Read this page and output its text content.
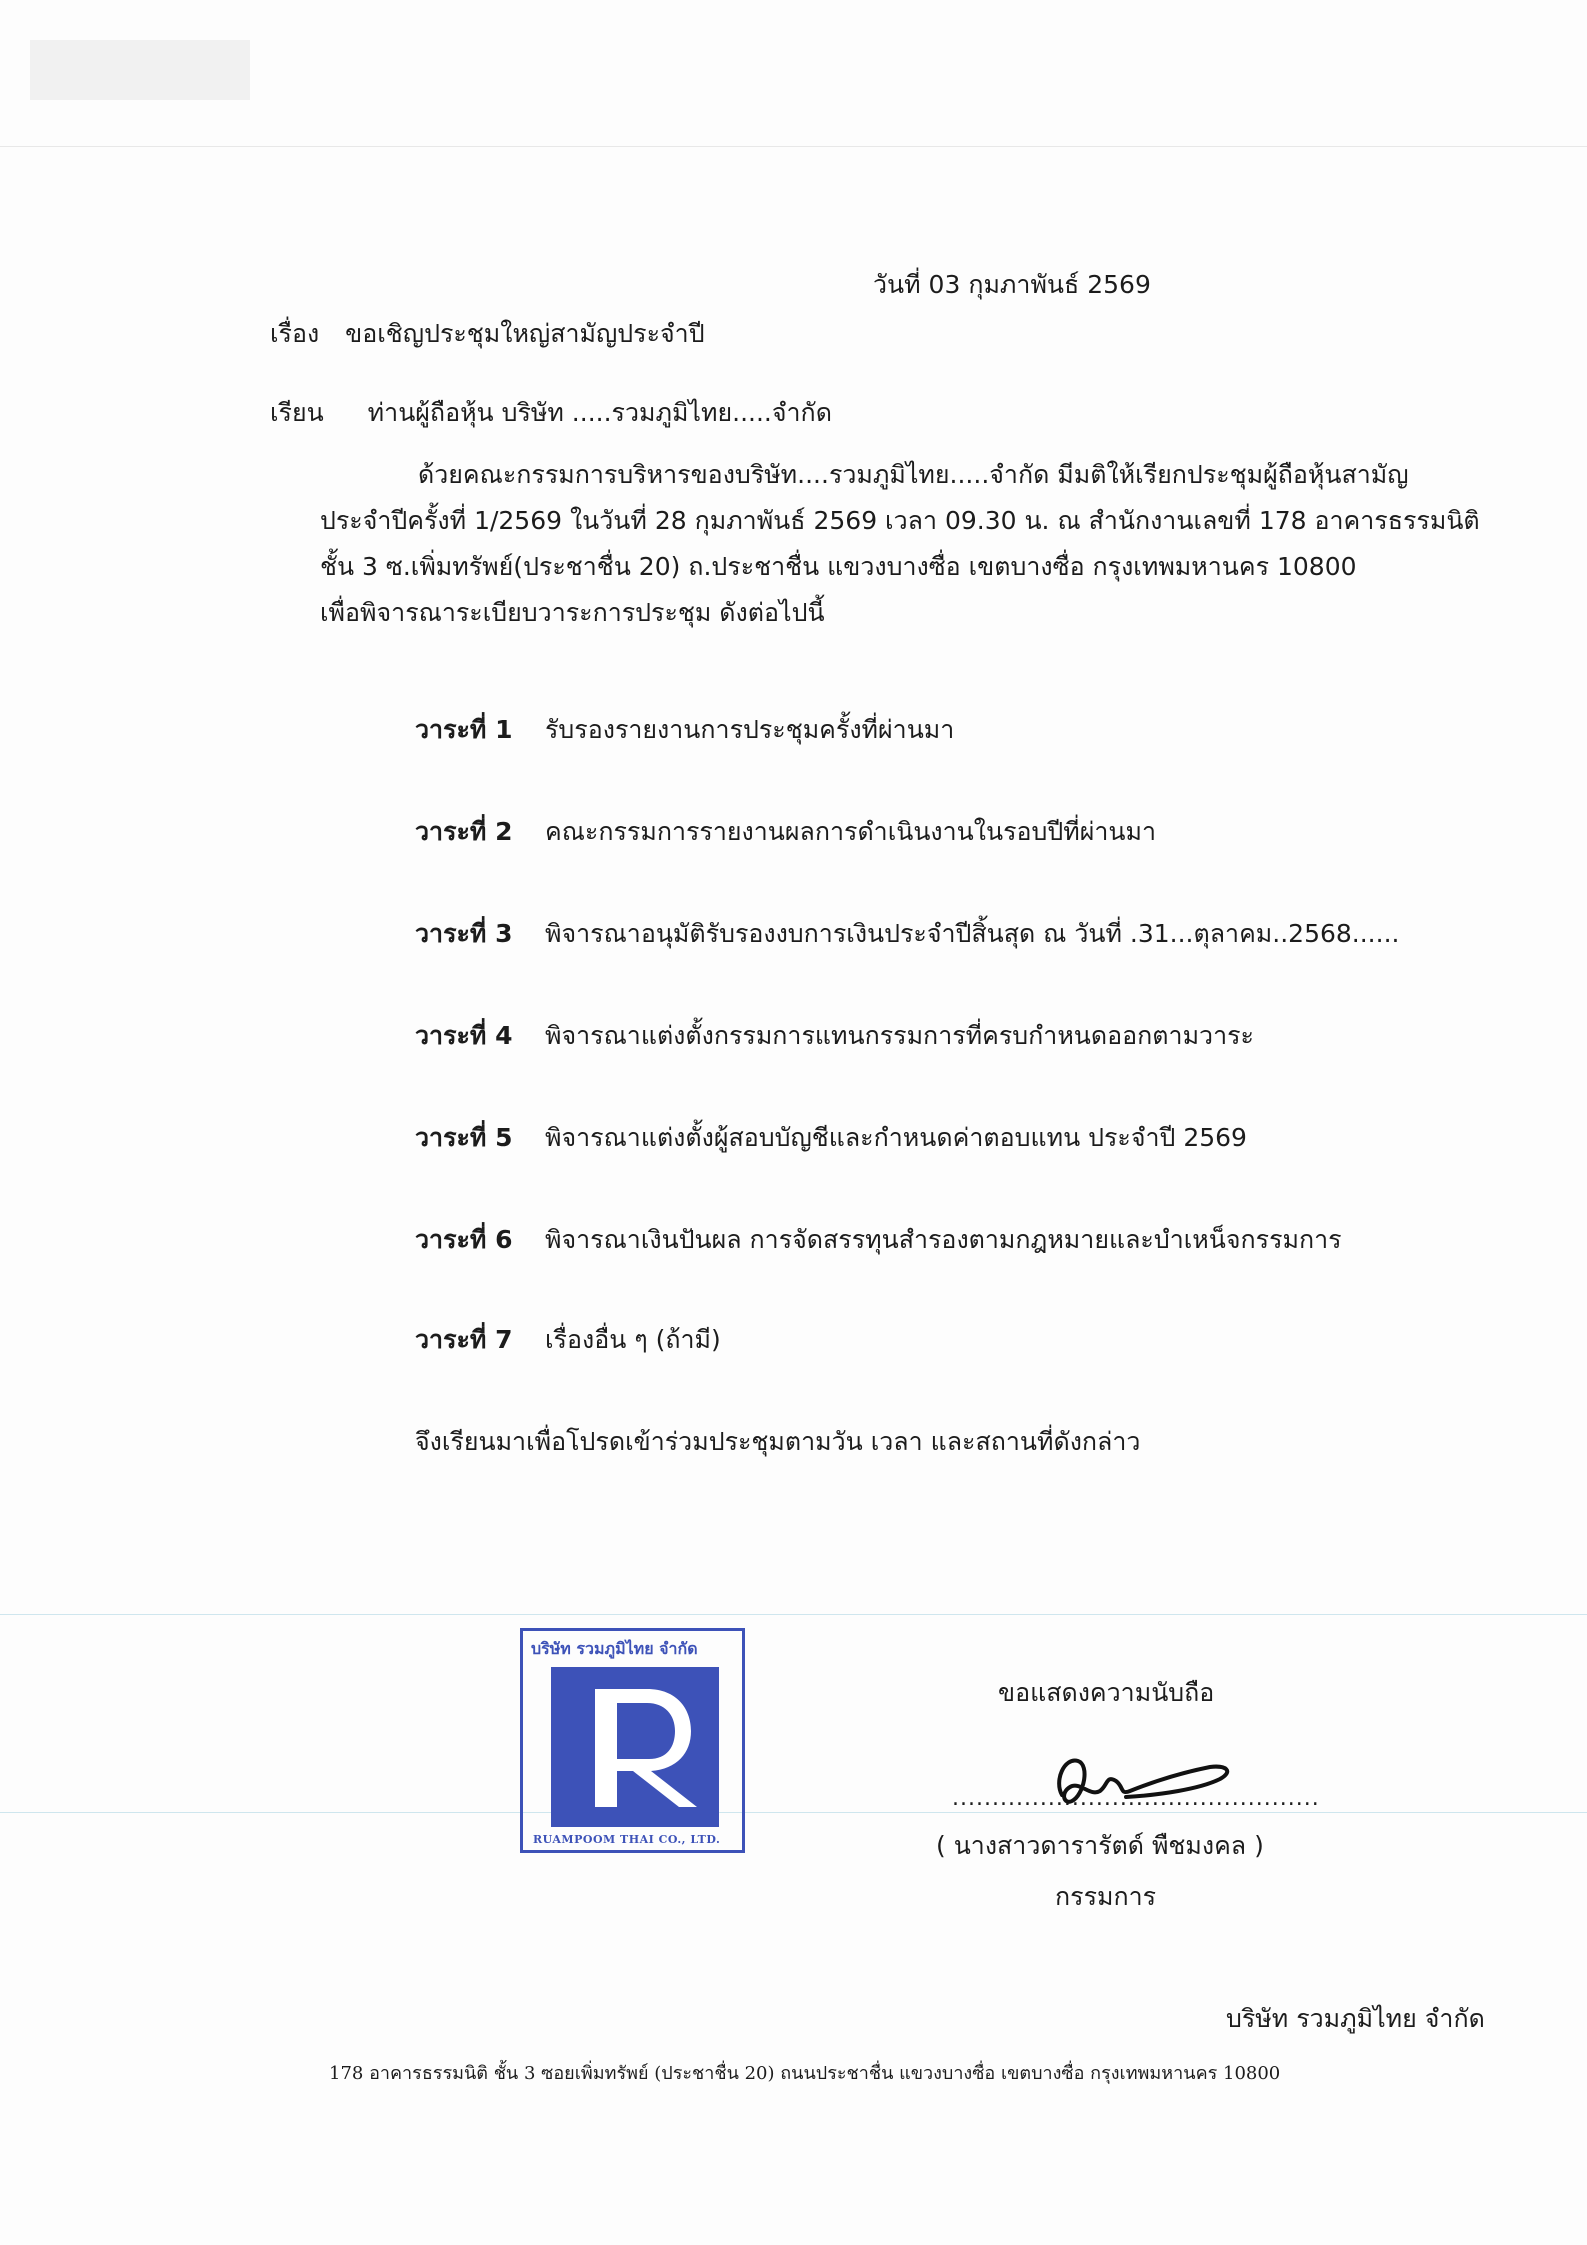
วันที่ 03 กุมภาพันธ์ 2569
เรื่อง ขอเชิญประชุมใหญ่สามัญประจำปี
เรียน ท่านผู้ถือหุ้น บริษัท .....รวมภูมิไทย.....จำกัด
ด้วยคณะกรรมการบริหารของบริษัท....รวมภูมิไทย.....จำกัด มีมติให้เรียกประชุมผู้ถือหุ้นสามัญ
ประจำปีครั้งที่ 1/2569 ในวันที่ 28 กุมภาพันธ์ 2569 เวลา 09.30 น. ณ สำนักงานเลขที่ 178 อาคารธรรมนิติ
ชั้น 3 ซ.เพิ่มทรัพย์(ประชาชื่น 20) ถ.ประชาชื่น แขวงบางซื่อ เขตบางซื่อ กรุงเทพมหานคร 10800
เพื่อพิจารณาระเบียบวาระการประชุม ดังต่อไปนี้
วาระที่ 1 รับรองรายงานการประชุมครั้งที่ผ่านมา
วาระที่ 2 คณะกรรมการรายงานผลการดำเนินงานในรอบปีที่ผ่านมา
วาระที่ 3 พิจารณาอนุมัติรับรองงบการเงินประจำปีสิ้นสุด ณ วันที่ .31...ตุลาคม..2568......
วาระที่ 4 พิจารณาแต่งตั้งกรรมการแทนกรรมการที่ครบกำหนดออกตามวาระ
วาระที่ 5 พิจารณาแต่งตั้งผู้สอบบัญชีและกำหนดค่าตอบแทน ประจำปี 2569
วาระที่ 6 พิจารณาเงินปันผล การจัดสรรทุนสำรองตามกฎหมายและบำเหน็จกรรมการ
วาระที่ 7 เรื่องอื่น ๆ (ถ้ามี)
จึงเรียนมาเพื่อโปรดเข้าร่วมประชุมตามวัน เวลา และสถานที่ดังกล่าว
บริษัท รวมภูมิไทย จำกัด
RUAMPOOM THAI CO., LTD.
ขอแสดงความนับถือ
..............................................
( นางสาวดารารัตด์ พืชมงคล )
กรรมการ
บริษัท รวมภูมิไทย จำกัด
178 อาคารธรรมนิติ ชั้น 3 ซอยเพิ่มทรัพย์ (ประชาชื่น 20) ถนนประชาชื่น แขวงบางซื่อ เขตบางซื่อ กรุงเทพมหานคร 10800
